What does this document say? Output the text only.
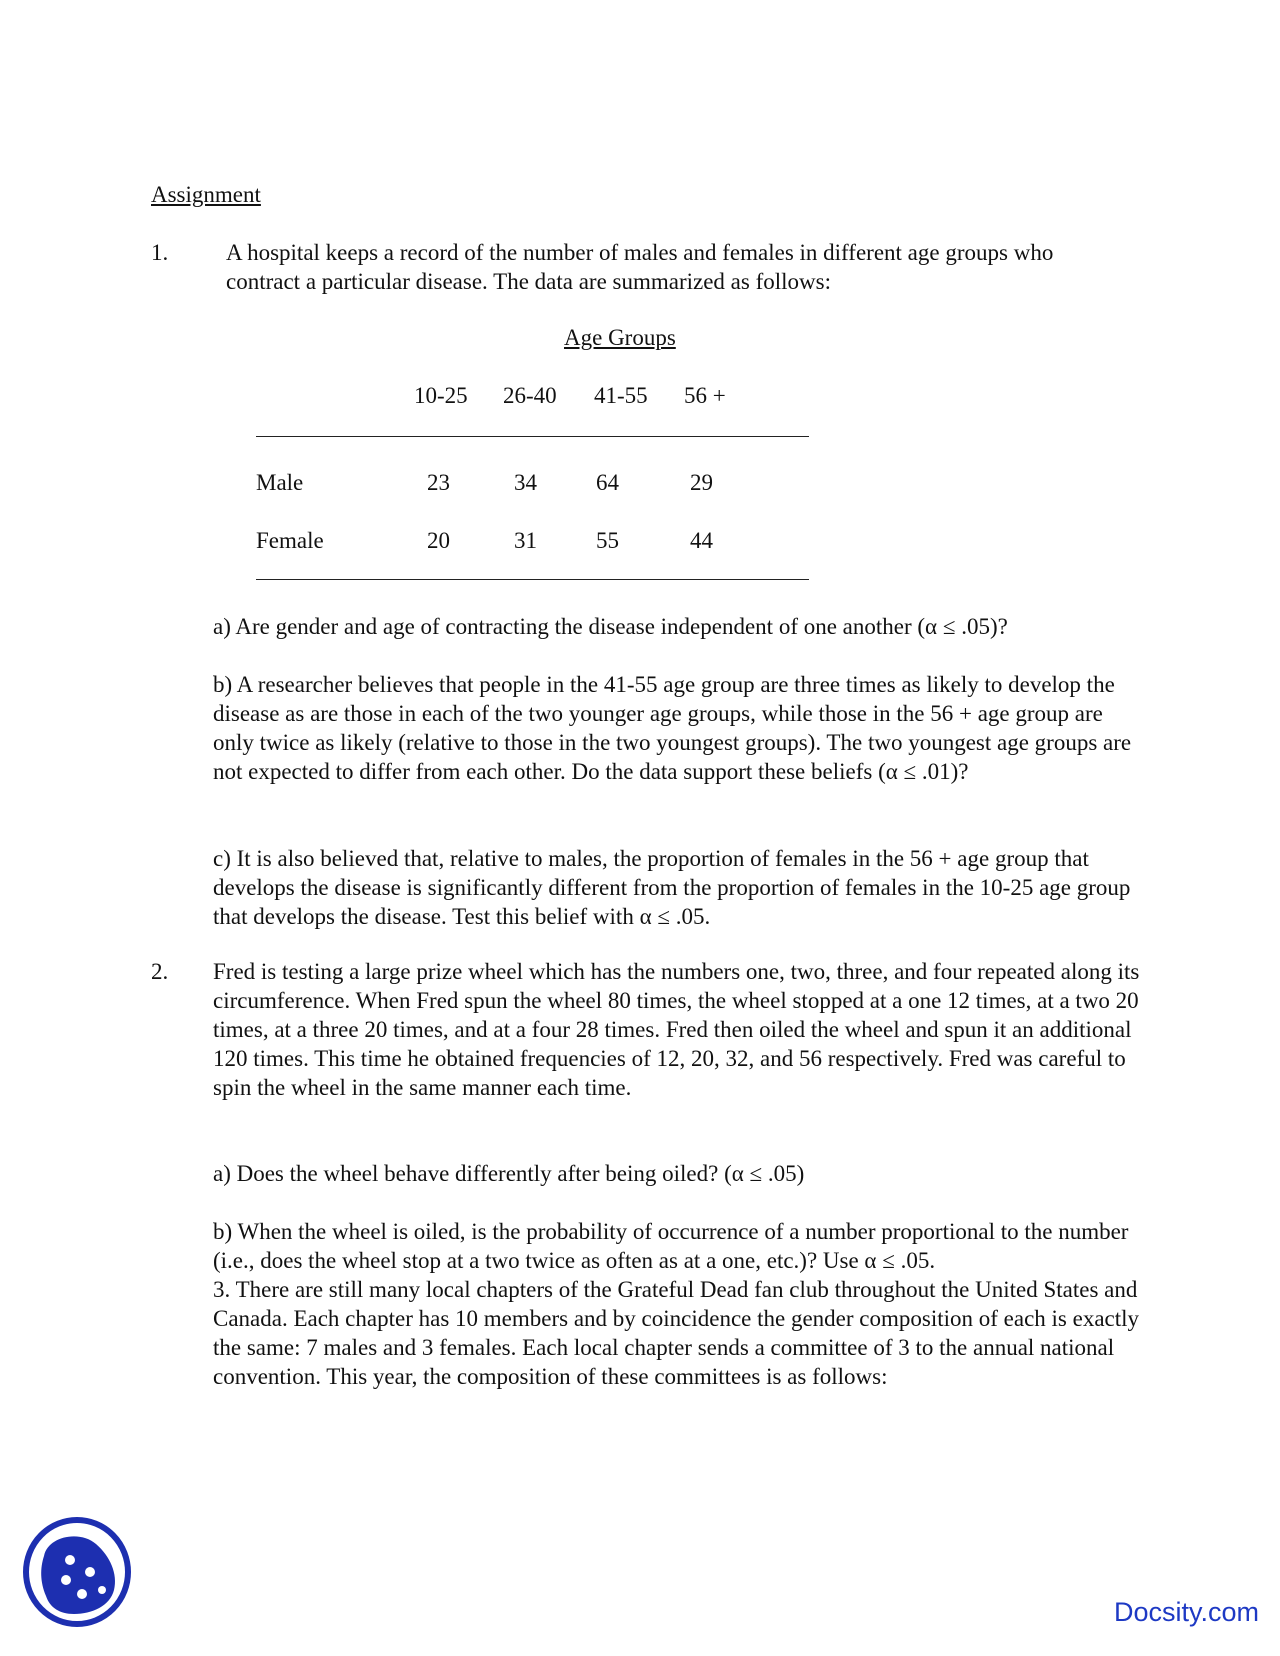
Assignment
1.	A hospital keeps a record of the number of males and females in different age groups who contract a particular disease. The data are summarized as follows:
Age Groups
10-25 26-40 41-55 56 +
Male	23	34	64	29
Female	20	31	55	44
a) Are gender and age of contracting the disease independent of one another (α ≤ .05)?
b) A researcher believes that people in the 41-55 age group are three times as likely to develop the disease as are those in each of the two younger age groups, while those in the 56 + age group are only twice as likely (relative to those in the two youngest groups). The two youngest age groups are not expected to differ from each other. Do the data support these beliefs (α ≤ .01)?
c) It is also believed that, relative to males, the proportion of females in the 56 + age group that develops the disease is significantly different from the proportion of females in the 10-25 age group that develops the disease. Test this belief with α ≤ .05.
2. Fred is testing a large prize wheel which has the numbers one, two, three, and four repeated along its circumference. When Fred spun the wheel 80 times, the wheel stopped at a one 12 times, at a two 20 times, at a three 20 times, and at a four 28 times. Fred then oiled the wheel and spun it an additional 120 times. This time he obtained frequencies of 12, 20, 32, and 56 respectively. Fred was careful to spin the wheel in the same manner each time.
a) Does the wheel behave differently after being oiled? (α ≤ .05)
b) When the wheel is oiled, is the probability of occurrence of a number proportional to the number (i.e., does the wheel stop at a two twice as often as at a one, etc.)? Use α ≤ .05.
3. There are still many local chapters of the Grateful Dead fan club throughout the United States and Canada. Each chapter has 10 members and by coincidence the gender composition of each is exactly the same: 7 males and 3 females. Each local chapter sends a committee of 3 to the annual national convention. This year, the composition of these committees is as follows:
Docsity.com
